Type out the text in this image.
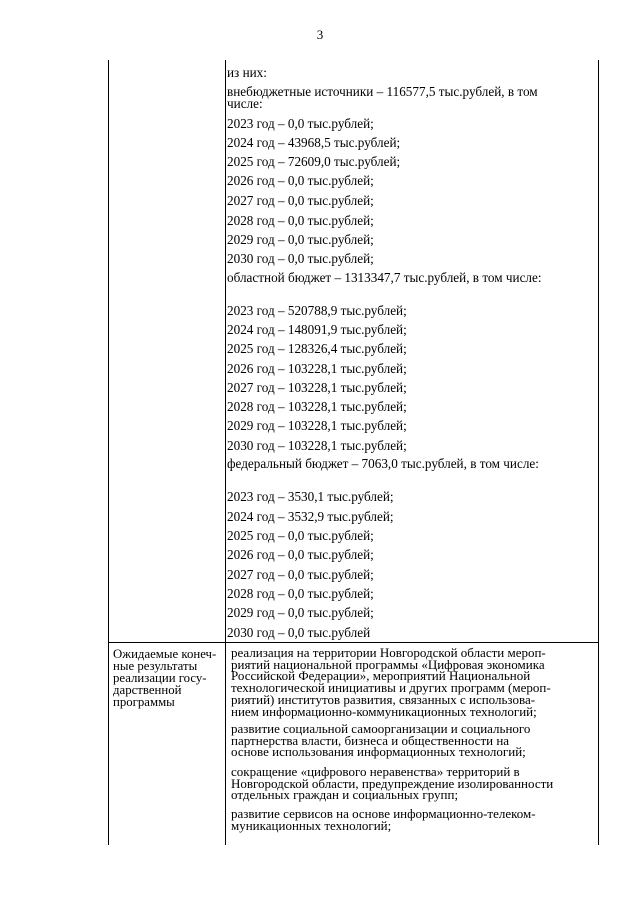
3
из них:
внебюджетные источники – 116577,5 тыс.рублей, в том числе:
2023 год – 0,0 тыс.рублей;
2024 год – 43968,5 тыс.рублей;
2025 год – 72609,0 тыс.рублей;
2026 год – 0,0 тыс.рублей;
2027 год – 0,0 тыс.рублей;
2028 год – 0,0 тыс.рублей;
2029 год – 0,0 тыс.рублей;
2030 год – 0,0 тыс.рублей;
областной бюджет – 1313347,7 тыс.рублей, в том числе:
2023 год – 520788,9 тыс.рублей;
2024 год – 148091,9 тыс.рублей;
2025 год – 128326,4 тыс.рублей;
2026 год – 103228,1 тыс.рублей;
2027 год – 103228,1 тыс.рублей;
2028 год – 103228,1 тыс.рублей;
2029 год – 103228,1 тыс.рублей;
2030 год – 103228,1 тыс.рублей;
федеральный бюджет – 7063,0 тыс.рублей, в том числе:
2023 год – 3530,1 тыс.рублей;
2024 год – 3532,9 тыс.рублей;
2025 год – 0,0 тыс.рублей;
2026 год – 0,0 тыс.рублей;
2027 год – 0,0 тыс.рублей;
2028 год – 0,0 тыс.рублей;
2029 год – 0,0 тыс.рублей;
2030 год – 0,0 тыс.рублей
Ожидаемые конеч-
ные результаты
реализации госу-
дарственной
программы
реализация на территории Новгородской области мероп-
риятий национальной программы «Цифровая экономика
Российской Федерации», мероприятий Национальной
технологической инициативы и других программ (мероп-
риятий) институтов развития, связанных с использова-
нием информационно-коммуникационных технологий;
развитие социальной самоорганизации и социального
партнерства власти, бизнеса и общественности на
основе использования информационных технологий;
сокращение «цифрового неравенства» территорий в
Новгородской области, предупреждение изолированности
отдельных граждан и социальных групп;
развитие сервисов на основе информационно-телеком-
муникационных технологий;
